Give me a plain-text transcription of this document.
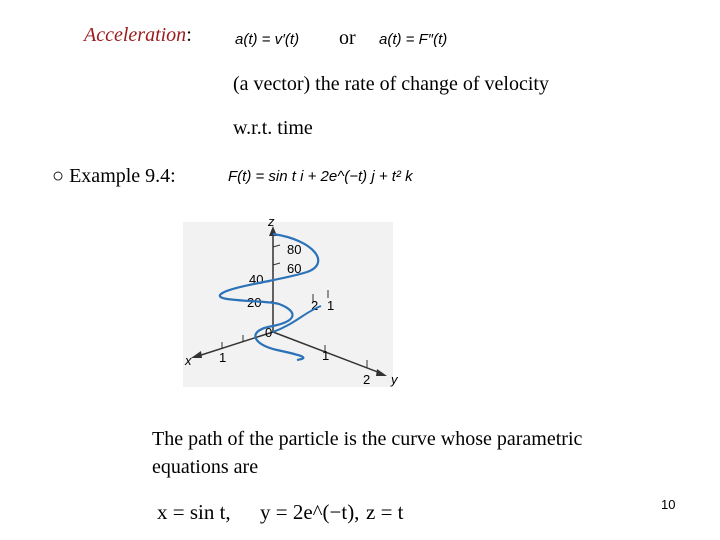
Acceleration:	a(t) = v′(t) or a(t) = F″(t)
(a vector) the rate of change of velocity
w.r.t. time
○ Example 9.4:	F(t) = sin t i + 2e^(−t) j + t² k
z
x
y
80
60
40
20
0
1	1
2
2 1
The path of the particle is the curve whose parametric
equations are
x = sin t, y = 2e^(−t), z = t	10
